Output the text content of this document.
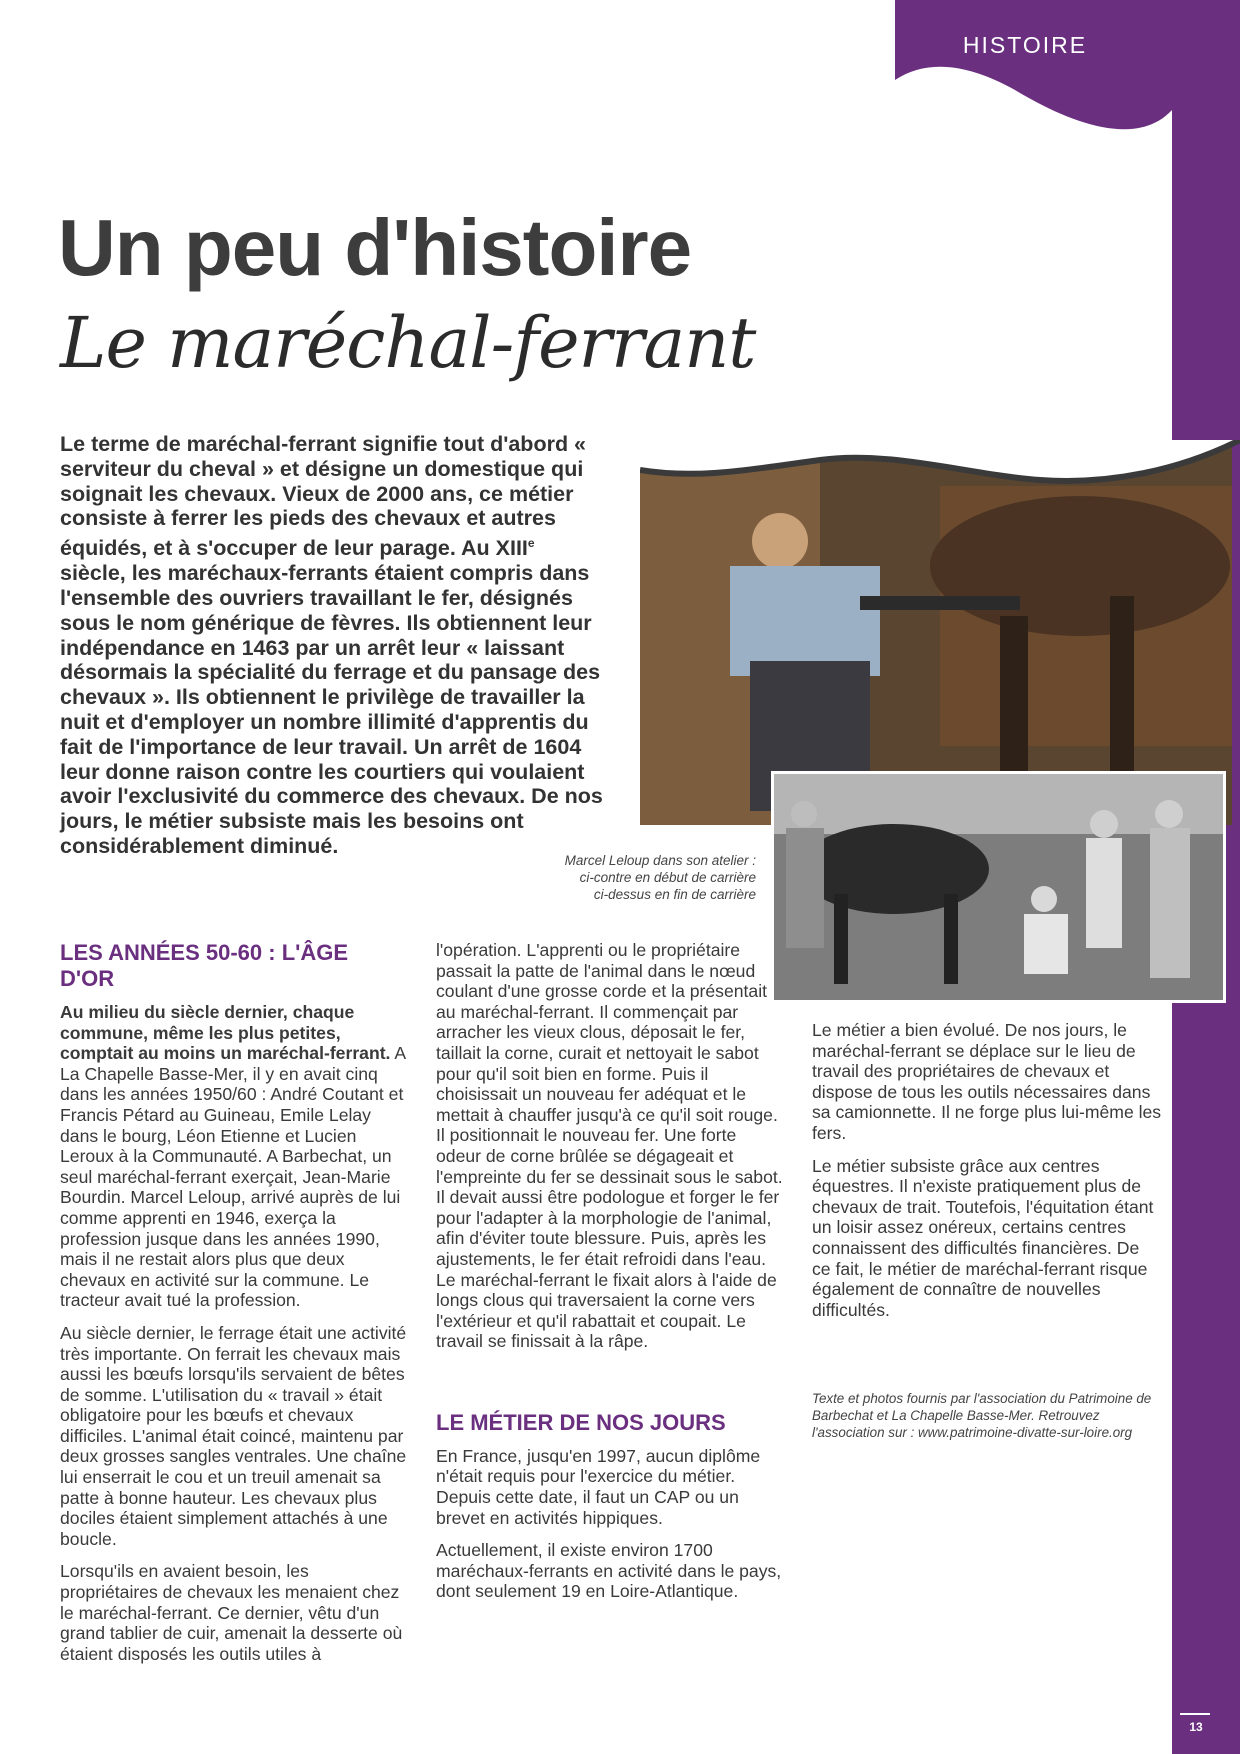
13
HISTOIRE
Un peu d'histoire
Le maréchal-ferrant
Le terme de maréchal-ferrant signifie tout d'abord « serviteur du cheval » et désigne un domestique qui soignait les chevaux. Vieux de 2000 ans, ce métier consiste à ferrer les pieds des chevaux et autres équidés, et à s'occuper de leur parage. Au XIIIe siècle, les maréchaux-ferrants étaient compris dans l'ensemble des ouvriers travaillant le fer, désignés sous le nom générique de fèvres. Ils obtiennent leur indépendance en 1463 par un arrêt leur « laissant désormais la spécialité du ferrage et du pansage des chevaux ». Ils obtiennent le privilège de travailler la nuit et d'employer un nombre illimité d'apprentis du fait de l'importance de leur travail. Un arrêt de 1604 leur donne raison contre les courtiers qui voulaient avoir l'exclusivité du commerce des chevaux. De nos jours, le métier subsiste mais les besoins ont considérablement diminué.
Marcel Leloup dans son atelier :
ci-contre en début de carrière
ci-dessus en fin de carrière
LES ANNÉES 50-60 : L'ÂGE D'OR

Au milieu du siècle dernier, chaque commune, même les plus petites, comptait au moins un maréchal-ferrant. A La Chapelle Basse-Mer, il y en avait cinq dans les années 1950/60 : André Coutant et Francis Pétard au Guineau, Emile Lelay dans le bourg, Léon Etienne et Lucien Leroux à la Communauté. A Barbechat, un seul maréchal-ferrant exerçait, Jean-Marie Bourdin. Marcel Leloup, arrivé auprès de lui comme apprenti en 1946, exerça la profession jusque dans les années 1990, mais il ne restait alors plus que deux chevaux en activité sur la commune. Le tracteur avait tué la profession.

Au siècle dernier, le ferrage était une activité très importante. On ferrait les chevaux mais aussi les bœufs lorsqu'ils servaient de bêtes de somme. L'utilisation du « travail » était obligatoire pour les bœufs et chevaux difficiles. L'animal était coincé, maintenu par deux grosses sangles ventrales. Une chaîne lui enserrait le cou et un treuil amenait sa patte à bonne hauteur. Les chevaux plus dociles étaient simplement attachés à une boucle.

Lorsqu'ils en avaient besoin, les propriétaires de chevaux les menaient chez le maréchal-ferrant. Ce dernier, vêtu d'un grand tablier de cuir, amenait la desserte où étaient disposés les outils utiles à

l'opération. L'apprenti ou le propriétaire passait la patte de l'animal dans le nœud coulant d'une grosse corde et la présentait au maréchal-ferrant. Il commençait par arracher les vieux clous, déposait le fer, taillait la corne, curait et nettoyait le sabot pour qu'il soit bien en forme. Puis il choisissait un nouveau fer adéquat et le mettait à chauffer jusqu'à ce qu'il soit rouge. Il positionnait le nouveau fer. Une forte odeur de corne brûlée se dégageait et l'empreinte du fer se dessinait sous le sabot. Il devait aussi être podologue et forger le fer pour l'adapter à la morphologie de l'animal, afin d'éviter toute blessure. Puis, après les ajustements, le fer était refroidi dans l'eau. Le maréchal-ferrant le fixait alors à l'aide de longs clous qui traversaient la corne vers l'extérieur et qu'il rabattait et coupait. Le travail se finissait à la râpe.

LE MÉTIER DE NOS JOURS

En France, jusqu'en 1997, aucun diplôme n'était requis pour l'exercice du métier. Depuis cette date, il faut un CAP ou un brevet en activités hippiques.

Actuellement, il existe environ 1700 maréchaux-ferrants en activité dans le pays, dont seulement 19 en Loire-Atlantique.

Le métier a bien évolué. De nos jours, le maréchal-ferrant se déplace sur le lieu de travail des propriétaires de chevaux et dispose de tous les outils nécessaires dans sa camionnette. Il ne forge plus lui-même les fers.

Le métier subsiste grâce aux centres équestres. Il n'existe pratiquement plus de chevaux de trait. Toutefois, l'équitation étant un loisir assez onéreux, certains centres connaissent des difficultés financières. De ce fait, le métier de maréchal-ferrant risque également de connaître de nouvelles difficultés.

Texte et photos fournis par l'association du Patrimoine de Barbechat et La Chapelle Basse-Mer. Retrouvez l'association sur : www.patrimoine-divatte-sur-loire.org
